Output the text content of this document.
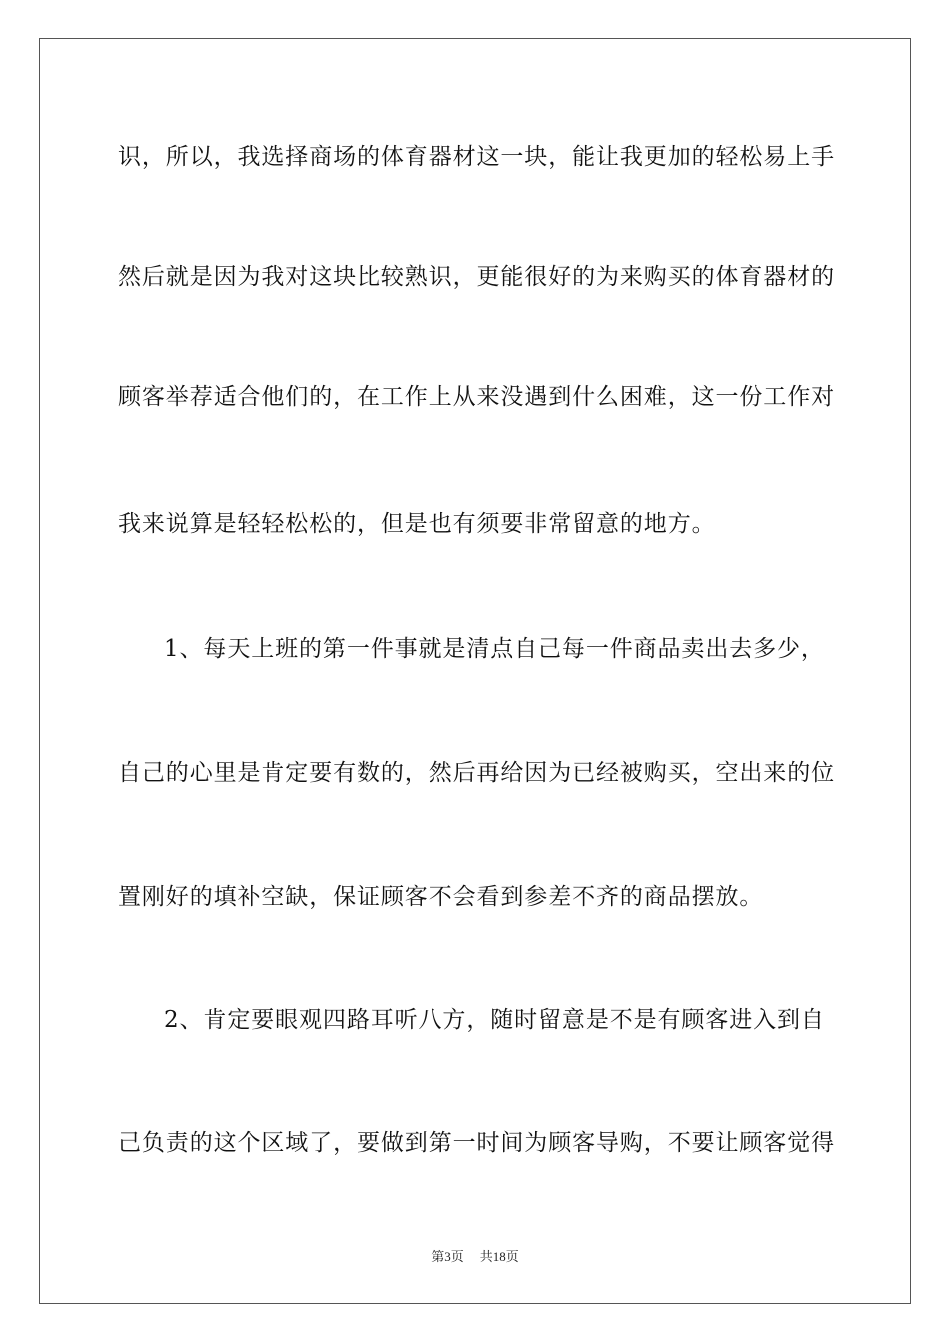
识，所以，我选择商场的体育器材这一块，能让我更加的轻松易上手
然后就是因为我对这块比较熟识，更能很好的为来购买的体育器材的
顾客举荐适合他们的，在工作上从来没遇到什么困难，这一份工作对
我来说算是轻轻松松的，但是也有须要非常留意的地方。
1、每天上班的第一件事就是清点自己每一件商品卖出去多少，
自己的心里是肯定要有数的，然后再给因为已经被购买，空出来的位
置刚好的填补空缺，保证顾客不会看到参差不齐的商品摆放。
2、肯定要眼观四路耳听八方，随时留意是不是有顾客进入到自
己负责的这个区域了，要做到第一时间为顾客导购，不要让顾客觉得
第3页 共18页
